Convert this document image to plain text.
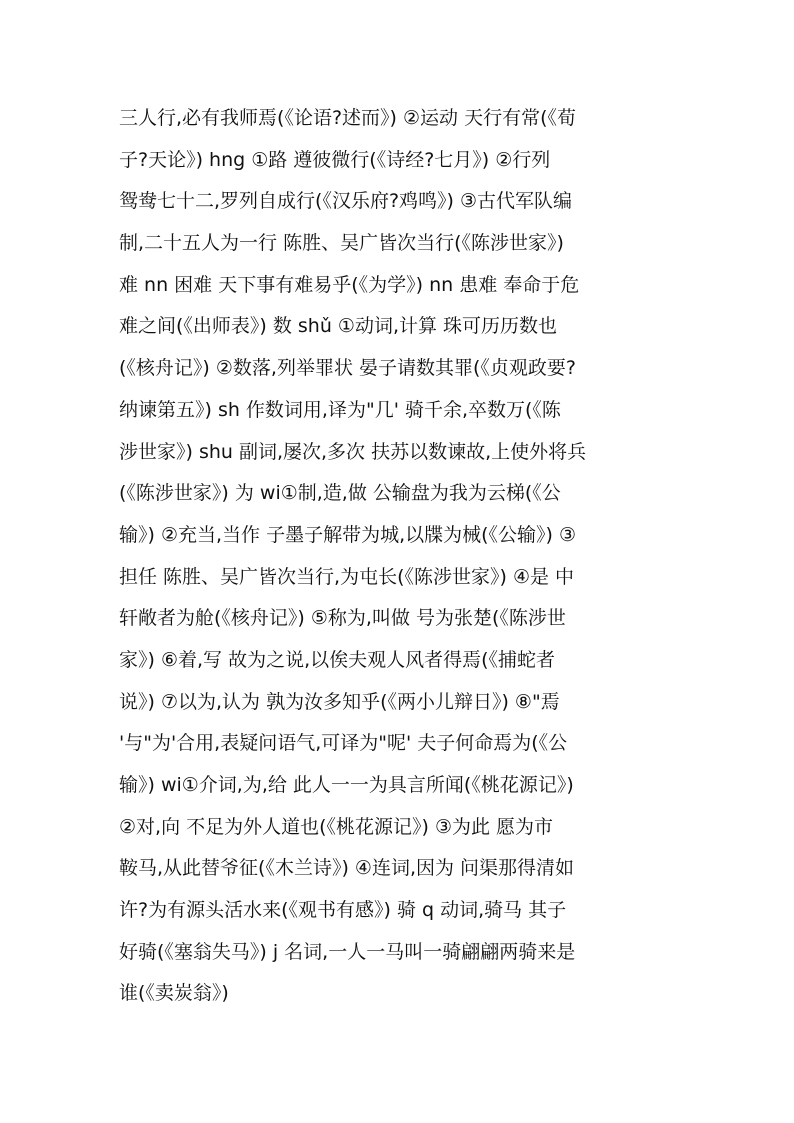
三人行,必有我师焉(《论语?述而》) ②运动 天行有常(《荀
子?天论》) hng ①路 遵彼微行(《诗经?七月》) ②行列
鸳鸯七十二,罗列自成行(《汉乐府?鸡鸣》) ③古代军队编
制,二十五人为一行 陈胜、吴广皆次当行(《陈涉世家》)
难 nn 困难 天下事有难易乎(《为学》) nn 患难 奉命于危
难之间(《出师表》) 数 shǔ ①动词,计算 珠可历历数也
(《核舟记》) ②数落,列举罪状 晏子请数其罪(《贞观政要?
纳谏第五》) sh 作数词用,译为"几' 骑千余,卒数万(《陈
涉世家》) shu 副词,屡次,多次 扶苏以数谏故,上使外将兵
(《陈涉世家》) 为 wi①制,造,做 公输盘为我为云梯(《公
输》) ②充当,当作 子墨子解带为城,以牒为械(《公输》) ③
担任 陈胜、吴广皆次当行,为屯长(《陈涉世家》) ④是 中
轩敞者为舱(《核舟记》) ⑤称为,叫做 号为张楚(《陈涉世
家》) ⑥着,写 故为之说,以俟夫观人风者得焉(《捕蛇者
说》) ⑦以为,认为 孰为汝多知乎(《两小儿辩日》) ⑧"焉
'与"为'合用,表疑问语气,可译为"呢' 夫子何命焉为(《公
输》) wi①介词,为,给 此人一一为具言所闻(《桃花源记》)
②对,向 不足为外人道也(《桃花源记》) ③为此 愿为市
鞍马,从此替爷征(《木兰诗》) ④连词,因为 问渠那得清如
许?为有源头活水来(《观书有感》) 骑 q 动词,骑马 其子
好骑(《塞翁失马》) j 名词,一人一马叫一骑翩翩两骑来是
谁(《卖炭翁》)
